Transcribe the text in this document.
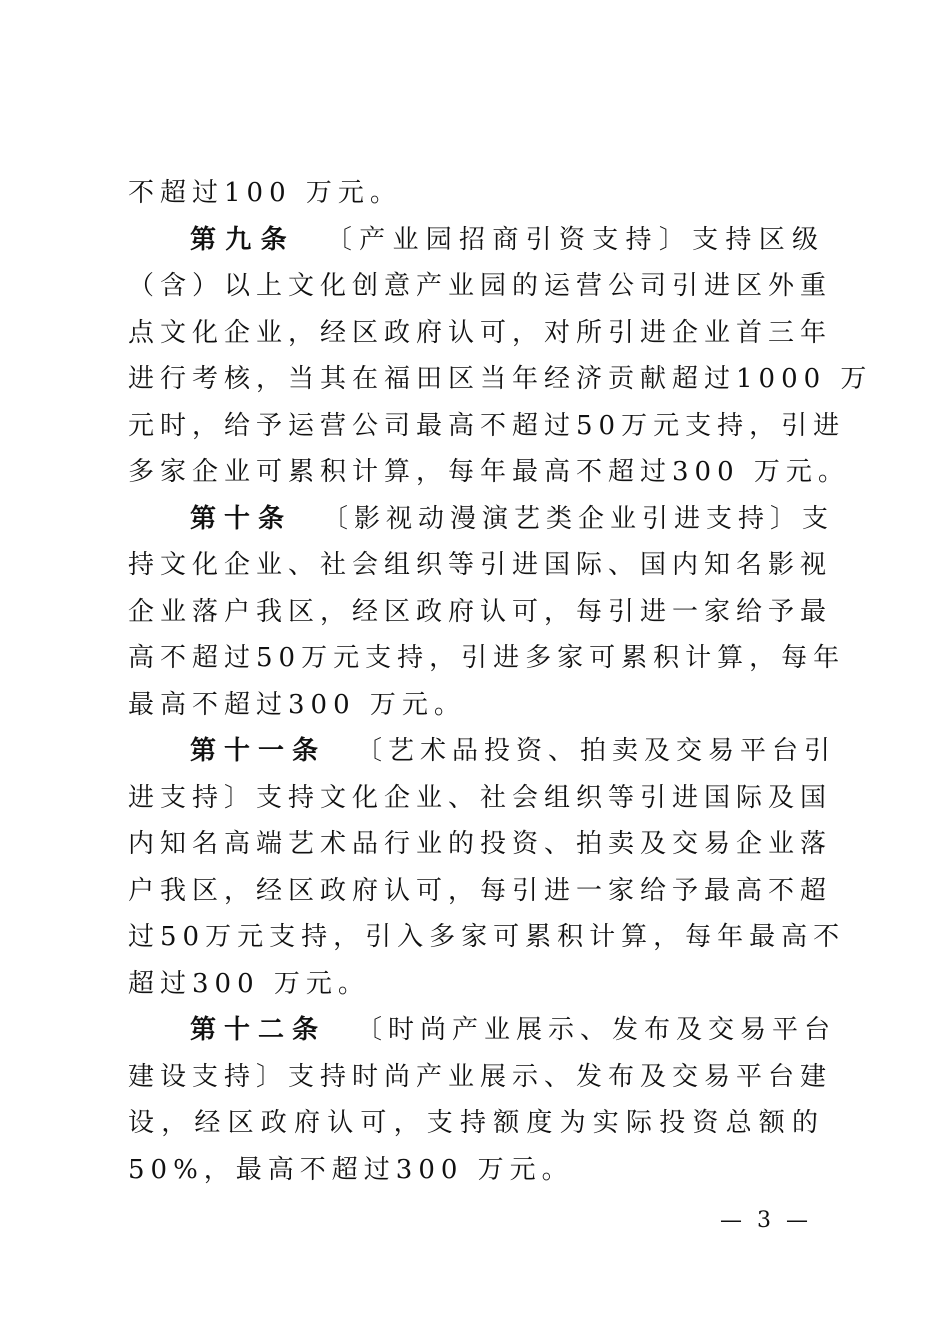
不超过100 万元。
第九条 〔产业园招商引资支持〕支持区级
（含）以上文化创意产业园的运营公司引进区外重
点文化企业，经区政府认可，对所引进企业首三年
进行考核，当其在福田区当年经济贡献超过1000 万
元时，给予运营公司最高不超过50万元支持，引进
多家企业可累积计算，每年最高不超过300 万元。
第十条 〔影视动漫演艺类企业引进支持〕支
持文化企业、社会组织等引进国际、国内知名影视
企业落户我区，经区政府认可，每引进一家给予最
高不超过50万元支持，引进多家可累积计算，每年
最高不超过300 万元。
第十一条 〔艺术品投资、拍卖及交易平台引
进支持〕支持文化企业、社会组织等引进国际及国
内知名高端艺术品行业的投资、拍卖及交易企业落
户我区，经区政府认可，每引进一家给予最高不超
过50万元支持，引入多家可累积计算，每年最高不
超过300 万元。
第十二条 〔时尚产业展示、发布及交易平台
建设支持〕支持时尚产业展示、发布及交易平台建
设，经区政府认可，支持额度为实际投资总额的
50%，最高不超过300 万元。
— 3 —
